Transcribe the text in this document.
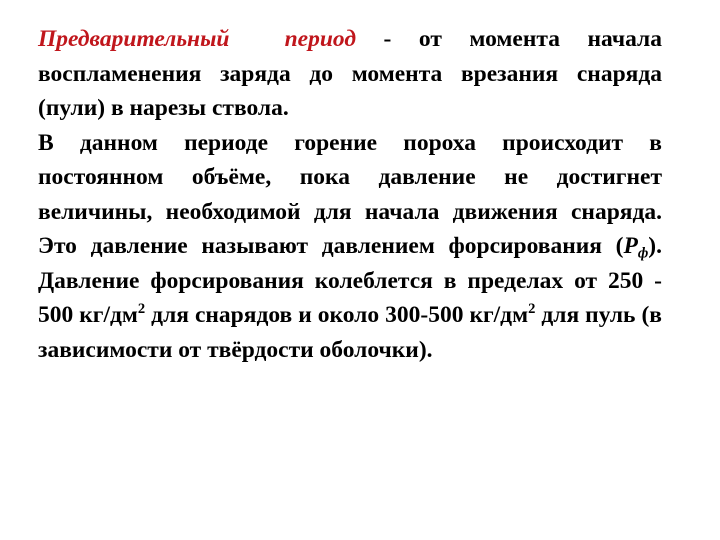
Предварительный период - от момента начала воспламенения заряда до момента врезания снаряда (пули) в нарезы ствола.

В данном периоде горение пороха происходит в постоянном объёме, пока давление не достигнет величины, необходимой для начала движения снаряда. Это давление называют давлением форсирования $(P_ф)$. Давление форсирования колеблется в пределах от 250 - 500 $кг/дм^2$ для снарядов и около 300-500 $кг/дм^2$ для пуль (в зависимости от твёрдости оболочки).
